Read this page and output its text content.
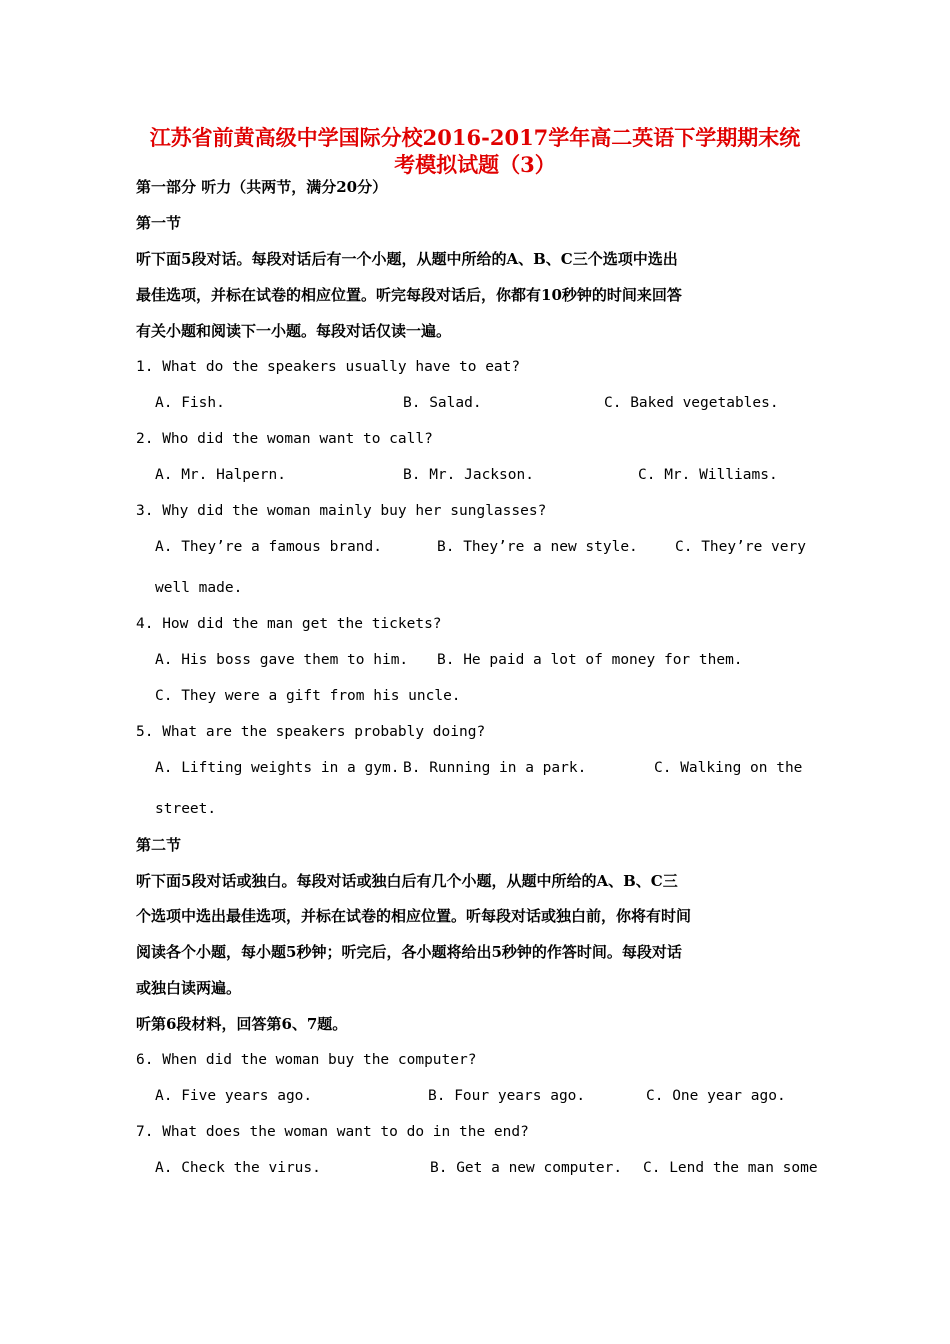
江苏省前黄高级中学国际分校2016-2017学年高二英语下学期期末统
考模拟试题（3）
第一部分 听力（共两节，满分20分）
第一节
听下面5段对话。每段对话后有一个小题，从题中所给的A、B、C三个选项中选出
最佳选项，并标在试卷的相应位置。听完每段对话后，你都有10秒钟的时间来回答
有关小题和阅读下一小题。每段对话仅读一遍。
1. What do the speakers usually have to eat?
A. Fish.	B. Salad.	C. Baked vegetables.
2. Who did the woman want to call?
A. Mr. Halpern.	B. Mr. Jackson.	C. Mr. Williams.
3. Why did the woman mainly buy her sunglasses?
A. They’re a famous brand.	B. They’re a new style.	C. They’re very
well made.
4. How did the man get the tickets?
A. His boss gave them to him. B. He paid a lot of money for them.
C. They were a gift from his uncle.
5. What are the speakers probably doing?
A. Lifting weights in a gym. B. Running in a park.	C. Walking on the
street.
第二节
听下面5段对话或独白。每段对话或独白后有几个小题，从题中所给的A、B、C三
个选项中选出最佳选项，并标在试卷的相应位置。听每段对话或独白前，你将有时间
阅读各个小题，每小题5秒钟；听完后，各小题将给出5秒钟的作答时间。每段对话
或独白读两遍。
听第6段材料，回答第6、7题。
6. When did the woman buy the computer?
A. Five years ago.	B. Four years ago.	C. One year ago.
7. What does the woman want to do in the end?
A. Check the virus.	B. Get a new computer. C. Lend the man some
